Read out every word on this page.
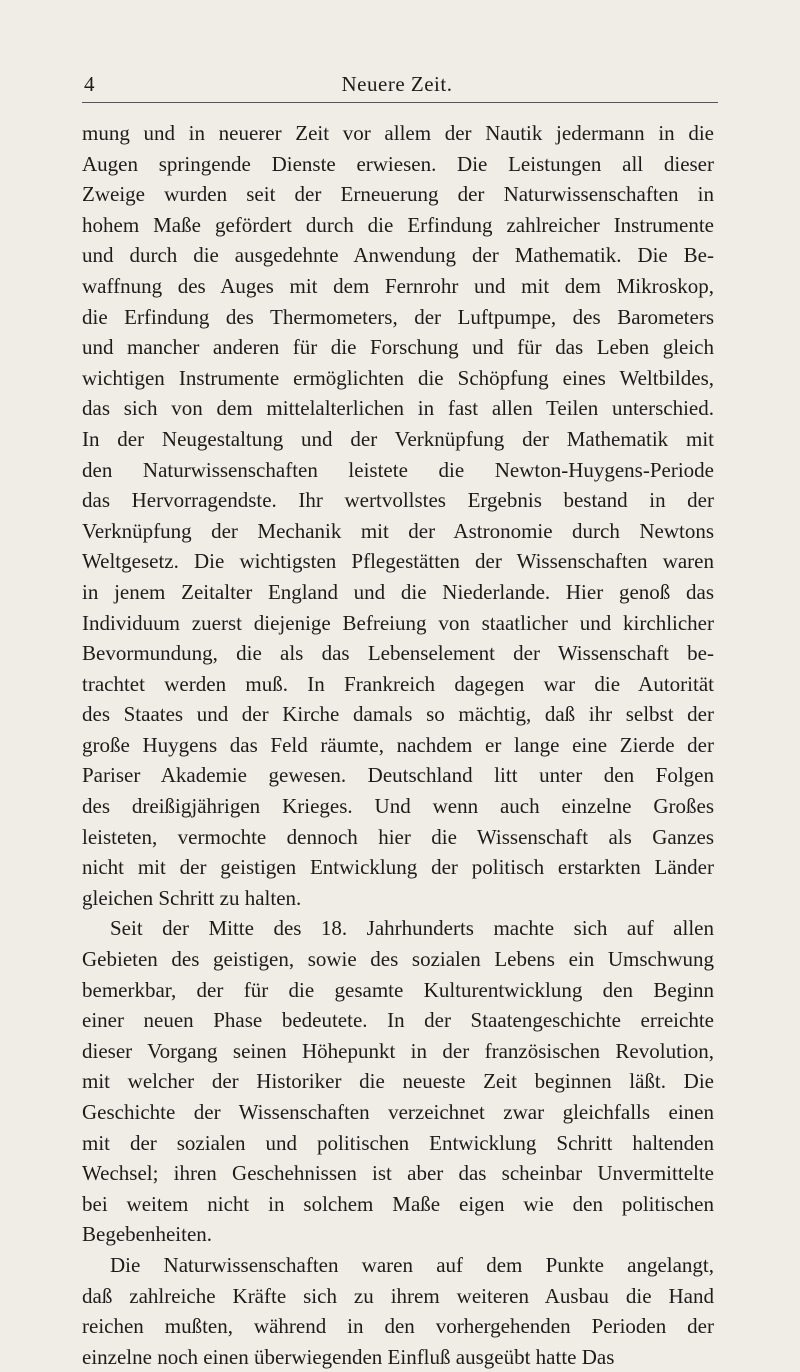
4	Neuere Zeit.
mung und in neuerer Zeit vor allem der Nautik jedermann in die
Augen springende Dienste erwiesen. Die Leistungen all dieser
Zweige wurden seit der Erneuerung der Naturwissenschaften in
hohem Maße gefördert durch die Erfindung zahlreicher Instrumente
und durch die ausgedehnte Anwendung der Mathematik. Die Be-
waffnung des Auges mit dem Fernrohr und mit dem Mikroskop,
die Erfindung des Thermometers, der Luftpumpe, des Barometers
und mancher anderen für die Forschung und für das Leben gleich
wichtigen Instrumente ermöglichten die Schöpfung eines Weltbildes,
das sich von dem mittelalterlichen in fast allen Teilen unterschied.
In der Neugestaltung und der Verknüpfung der Mathematik mit
den Naturwissenschaften leistete die Newton-Huygens-Periode
das Hervorragendste. Ihr wertvollstes Ergebnis bestand in der
Verknüpfung der Mechanik mit der Astronomie durch Newtons
Weltgesetz. Die wichtigsten Pflegestätten der Wissenschaften waren
in jenem Zeitalter England und die Niederlande. Hier genoß das
Individuum zuerst diejenige Befreiung von staatlicher und kirchlicher
Bevormundung, die als das Lebenselement der Wissenschaft be-
trachtet werden muß. In Frankreich dagegen war die Autorität
des Staates und der Kirche damals so mächtig, daß ihr selbst der
große Huygens das Feld räumte, nachdem er lange eine Zierde der
Pariser Akademie gewesen. Deutschland litt unter den Folgen
des dreißigjährigen Krieges. Und wenn auch einzelne Großes
leisteten, vermochte dennoch hier die Wissenschaft als Ganzes
nicht mit der geistigen Entwicklung der politisch erstarkten Länder
gleichen Schritt zu halten.
Seit der Mitte des 18. Jahrhunderts machte sich auf allen
Gebieten des geistigen, sowie des sozialen Lebens ein Umschwung
bemerkbar, der für die gesamte Kulturentwicklung den Beginn
einer neuen Phase bedeutete. In der Staatengeschichte erreichte
dieser Vorgang seinen Höhepunkt in der französischen Revolution,
mit welcher der Historiker die neueste Zeit beginnen läßt. Die
Geschichte der Wissenschaften verzeichnet zwar gleichfalls einen
mit der sozialen und politischen Entwicklung Schritt haltenden
Wechsel; ihren Geschehnissen ist aber das scheinbar Unvermittelte
bei weitem nicht in solchem Maße eigen wie den politischen
Begebenheiten.
Die Naturwissenschaften waren auf dem Punkte angelangt,
daß zahlreiche Kräfte sich zu ihrem weiteren Ausbau die Hand
reichen mußten, während in den vorhergehenden Perioden der
einzelne noch einen überwiegenden Einfluß ausgeübt hatte Das
